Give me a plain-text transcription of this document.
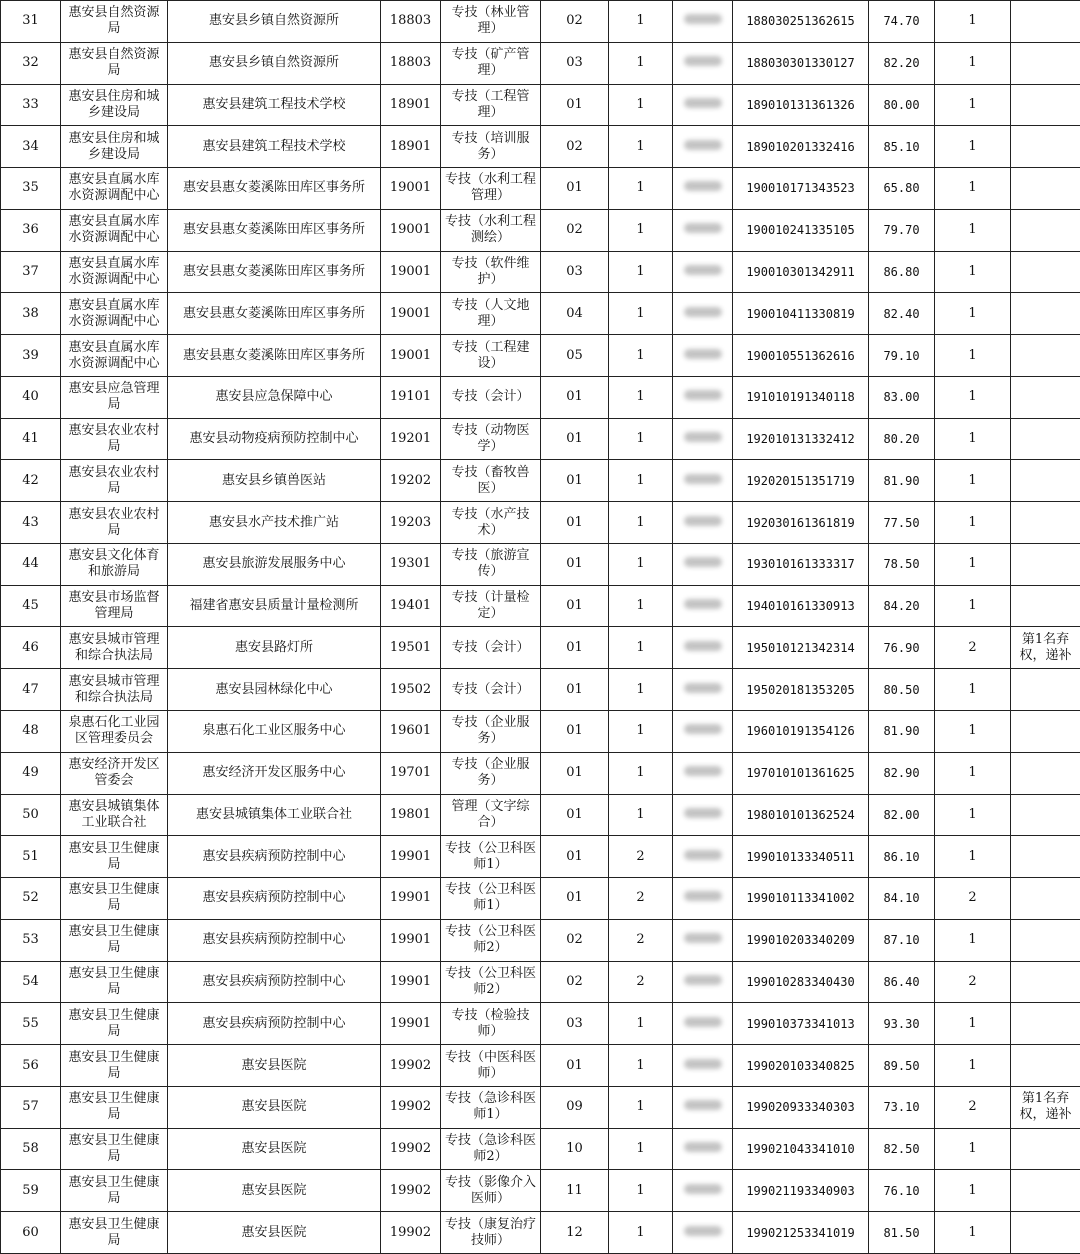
31	惠安县自然资源局	惠安县乡镇自然资源所	18803	专技（林业管理）	02	1		188030251362615	74.70	1	
32	惠安县自然资源局	惠安县乡镇自然资源所	18803	专技（矿产管理）	03	1		188030301330127	82.20	1	
33	惠安县住房和城乡建设局	惠安县建筑工程技术学校	18901	专技（工程管理）	01	1		189010131361326	80.00	1	
34	惠安县住房和城乡建设局	惠安县建筑工程技术学校	18901	专技（培训服务）	02	1		189010201332416	85.10	1	
35	惠安县直属水库水资源调配中心	惠安县惠女菱溪陈田库区事务所	19001	专技（水利工程管理）	01	1		190010171343523	65.80	1	
36	惠安县直属水库水资源调配中心	惠安县惠女菱溪陈田库区事务所	19001	专技（水利工程测绘）	02	1		190010241335105	79.70	1	
37	惠安县直属水库水资源调配中心	惠安县惠女菱溪陈田库区事务所	19001	专技（软件维护）	03	1		190010301342911	86.80	1	
38	惠安县直属水库水资源调配中心	惠安县惠女菱溪陈田库区事务所	19001	专技（人文地理）	04	1		190010411330819	82.40	1	
39	惠安县直属水库水资源调配中心	惠安县惠女菱溪陈田库区事务所	19001	专技（工程建设）	05	1		190010551362616	79.10	1	
40	惠安县应急管理局	惠安县应急保障中心	19101	专技（会计）	01	1		191010191340118	83.00	1	
41	惠安县农业农村局	惠安县动物疫病预防控制中心	19201	专技（动物医学）	01	1		192010131332412	80.20	1	
42	惠安县农业农村局	惠安县乡镇兽医站	19202	专技（畜牧兽医）	01	1		192020151351719	81.90	1	
43	惠安县农业农村局	惠安县水产技术推广站	19203	专技（水产技术）	01	1		192030161361819	77.50	1	
44	惠安县文化体育和旅游局	惠安县旅游发展服务中心	19301	专技（旅游宣传）	01	1		193010161333317	78.50	1	
45	惠安县市场监督管理局	福建省惠安县质量计量检测所	19401	专技（计量检定）	01	1		194010161330913	84.20	1	
46	惠安县城市管理和综合执法局	惠安县路灯所	19501	专技（会计）	01	1		195010121342314	76.90	2	第1名弃权，递补
47	惠安县城市管理和综合执法局	惠安县园林绿化中心	19502	专技（会计）	01	1		195020181353205	80.50	1	
48	泉惠石化工业园区管理委员会	泉惠石化工业区服务中心	19601	专技（企业服务）	01	1		196010191354126	81.90	1	
49	惠安经济开发区管委会	惠安经济开发区服务中心	19701	专技（企业服务）	01	1		197010101361625	82.90	1	
50	惠安县城镇集体工业联合社	惠安县城镇集体工业联合社	19801	管理（文字综合）	01	1		198010101362524	82.00	1	
51	惠安县卫生健康局	惠安县疾病预防控制中心	19901	专技（公卫科医师1）	01	2		199010133340511	86.10	1	
52	惠安县卫生健康局	惠安县疾病预防控制中心	19901	专技（公卫科医师1）	01	2		199010113341002	84.10	2	
53	惠安县卫生健康局	惠安县疾病预防控制中心	19901	专技（公卫科医师2）	02	2		199010203340209	87.10	1	
54	惠安县卫生健康局	惠安县疾病预防控制中心	19901	专技（公卫科医师2）	02	2		199010283340430	86.40	2	
55	惠安县卫生健康局	惠安县疾病预防控制中心	19901	专技（检验技师）	03	1		199010373341013	93.30	1	
56	惠安县卫生健康局	惠安县医院	19902	专技（中医科医师）	01	1		199020103340825	89.50	1	
57	惠安县卫生健康局	惠安县医院	19902	专技（急诊科医师1）	09	1		199020933340303	73.10	2	第1名弃权，递补
58	惠安县卫生健康局	惠安县医院	19902	专技（急诊科医师2）	10	1		199021043341010	82.50	1	
59	惠安县卫生健康局	惠安县医院	19902	专技（影像介入医师）	11	1		199021193340903	76.10	1	
60	惠安县卫生健康局	惠安县医院	19902	专技（康复治疗技师）	12	1		199021253341019	81.50	1	
